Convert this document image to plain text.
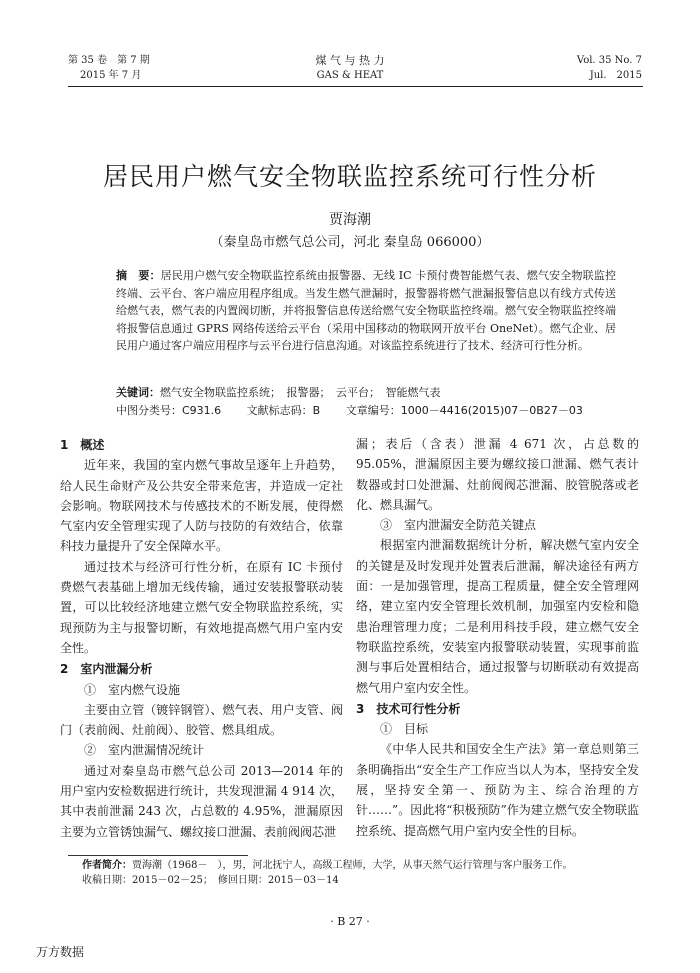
第 35 卷　第 7 期
2015 年 7 月
煤 气 与 热 力
GAS & HEAT
Vol. 35 No. 7
Jul.　2015
居民用户燃气安全物联监控系统可行性分析
贾海潮
（秦皇岛市燃气总公司，河北 秦皇岛 066000）
摘　要：居民用户燃气安全物联监控系统由报警器、无线 IC 卡预付费智能燃气表、燃气安全物联监控终端、云平台、客户端应用程序组成。当发生燃气泄漏时，报警器将燃气泄漏报警信息以有线方式传送给燃气表，燃气表的内置阀切断，并将报警信息传送给燃气安全物联监控终端。燃气安全物联监控终端将报警信息通过 GPRS 网络传送给云平台（采用中国移动的物联网开放平台 OneNet）。燃气企业、居民用户通过客户端应用程序与云平台进行信息沟通。对该监控系统进行了技术、经济可行性分析。
关键词：燃气安全物联监控系统；　报警器；　云平台；　智能燃气表
中图分类号：C931.6 文献标志码：B 文章编号：1000－4416(2015)07－0B27－03

1　概述

近年来，我国的室内燃气事故呈逐年上升趋势，给人民生命财产及公共安全带来危害，并造成一定社会影响。物联网技术与传感技术的不断发展，使得燃气室内安全管理实现了人防与技防的有效结合，依靠科技力量提升了安全保障水平。

通过技术与经济可行性分析，在原有 IC 卡预付费燃气表基础上增加无线传输，通过安装报警联动装置，可以比较经济地建立燃气安全物联监控系统，实现预防为主与报警切断，有效地提高燃气用户室内安全性。

2　室内泄漏分析

①　室内燃气设施

主要由立管（镀锌钢管）、燃气表、用户支管、阀门（表前阀、灶前阀）、胶管、燃具组成。

②　室内泄漏情况统计

通过对秦皇岛市燃气总公司 2013—2014 年的用户室内安检数据进行统计，共发现泄漏 4 914 次，其中表前泄漏 243 次，占总数的 4.95%，泄漏原因主要为立管锈蚀漏气、螺纹接口泄漏、表前阀阀芯泄

漏；表后（含表）泄漏 4 671 次，占总数的 95.05%，泄漏原因主要为螺纹接口泄漏、燃气表计数器或封口处泄漏、灶前阀阀芯泄漏、胶管脱落或老化、燃具漏气。

③　室内泄漏安全防范关键点

根据室内泄漏数据统计分析，解决燃气室内安全的关键是及时发现并处置表后泄漏，解决途径有两方面：一是加强管理，提高工程质量，健全安全管理网络，建立室内安全管理长效机制，加强室内安检和隐患治理管理力度；二是利用科技手段，建立燃气安全物联监控系统，安装室内报警联动装置，实现事前监测与事后处置相结合，通过报警与切断联动有效提高燃气用户室内安全性。

3　技术可行性分析

①　目标

《中华人民共和国安全生产法》第一章总则第三条明确指出“安全生产工作应当以人为本，坚持安全发展，坚持安全第一、预防为主、综合治理的方针……”。因此将“积极预防”作为建立燃气安全物联监控系统、提高燃气用户室内安全性的目标。

作者简介：贾海潮（1968－　），男，河北抚宁人，高级工程师，大学，从事天然气运行管理与客户服务工作。
收稿日期：2015－02－25；　修回日期：2015－03－14
· B 27 ·
万方数据
